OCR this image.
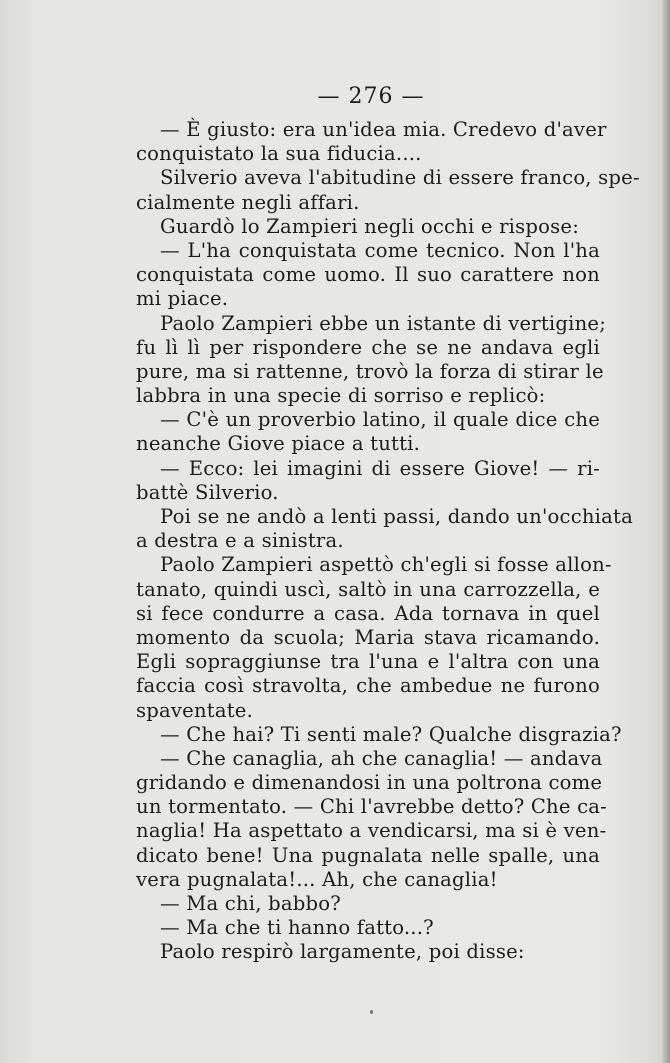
— 276 —
— È giusto: era un'idea mia. Credevo d'aver
conquistato la sua fiducia....
Silverio aveva l'abitudine di essere franco, spe-
cialmente negli affari.
Guardò lo Zampieri negli occhi e rispose:
— L'ha conquistata come tecnico. Non l'ha
conquistata come uomo. Il suo carattere non
mi piace.
Paolo Zampieri ebbe un istante di vertigine;
fu lì lì per rispondere che se ne andava egli
pure, ma si rattenne, trovò la forza di stirar le
labbra in una specie di sorriso e replicò:
— C'è un proverbio latino, il quale dice che
neanche Giove piace a tutti.
— Ecco: lei imagini di essere Giove! — ri-
battè Silverio.
Poi se ne andò a lenti passi, dando un'occhiata
a destra e a sinistra.
Paolo Zampieri aspettò ch'egli si fosse allon-
tanato, quindi uscì, saltò in una carrozzella, e
si fece condurre a casa. Ada tornava in quel
momento da scuola; Maria stava ricamando.
Egli sopraggiunse tra l'una e l'altra con una
faccia così stravolta, che ambedue ne furono
spaventate.
— Che hai? Ti senti male? Qualche disgrazia?
— Che canaglia, ah che canaglia! — andava
gridando e dimenandosi in una poltrona come
un tormentato. — Chi l'avrebbe detto? Che ca-
naglia! Ha aspettato a vendicarsi, ma si è ven-
dicato bene! Una pugnalata nelle spalle, una
vera pugnalata!... Ah, che canaglia!
— Ma chi, babbo?
— Ma che ti hanno fatto...?
Paolo respirò largamente, poi disse:
